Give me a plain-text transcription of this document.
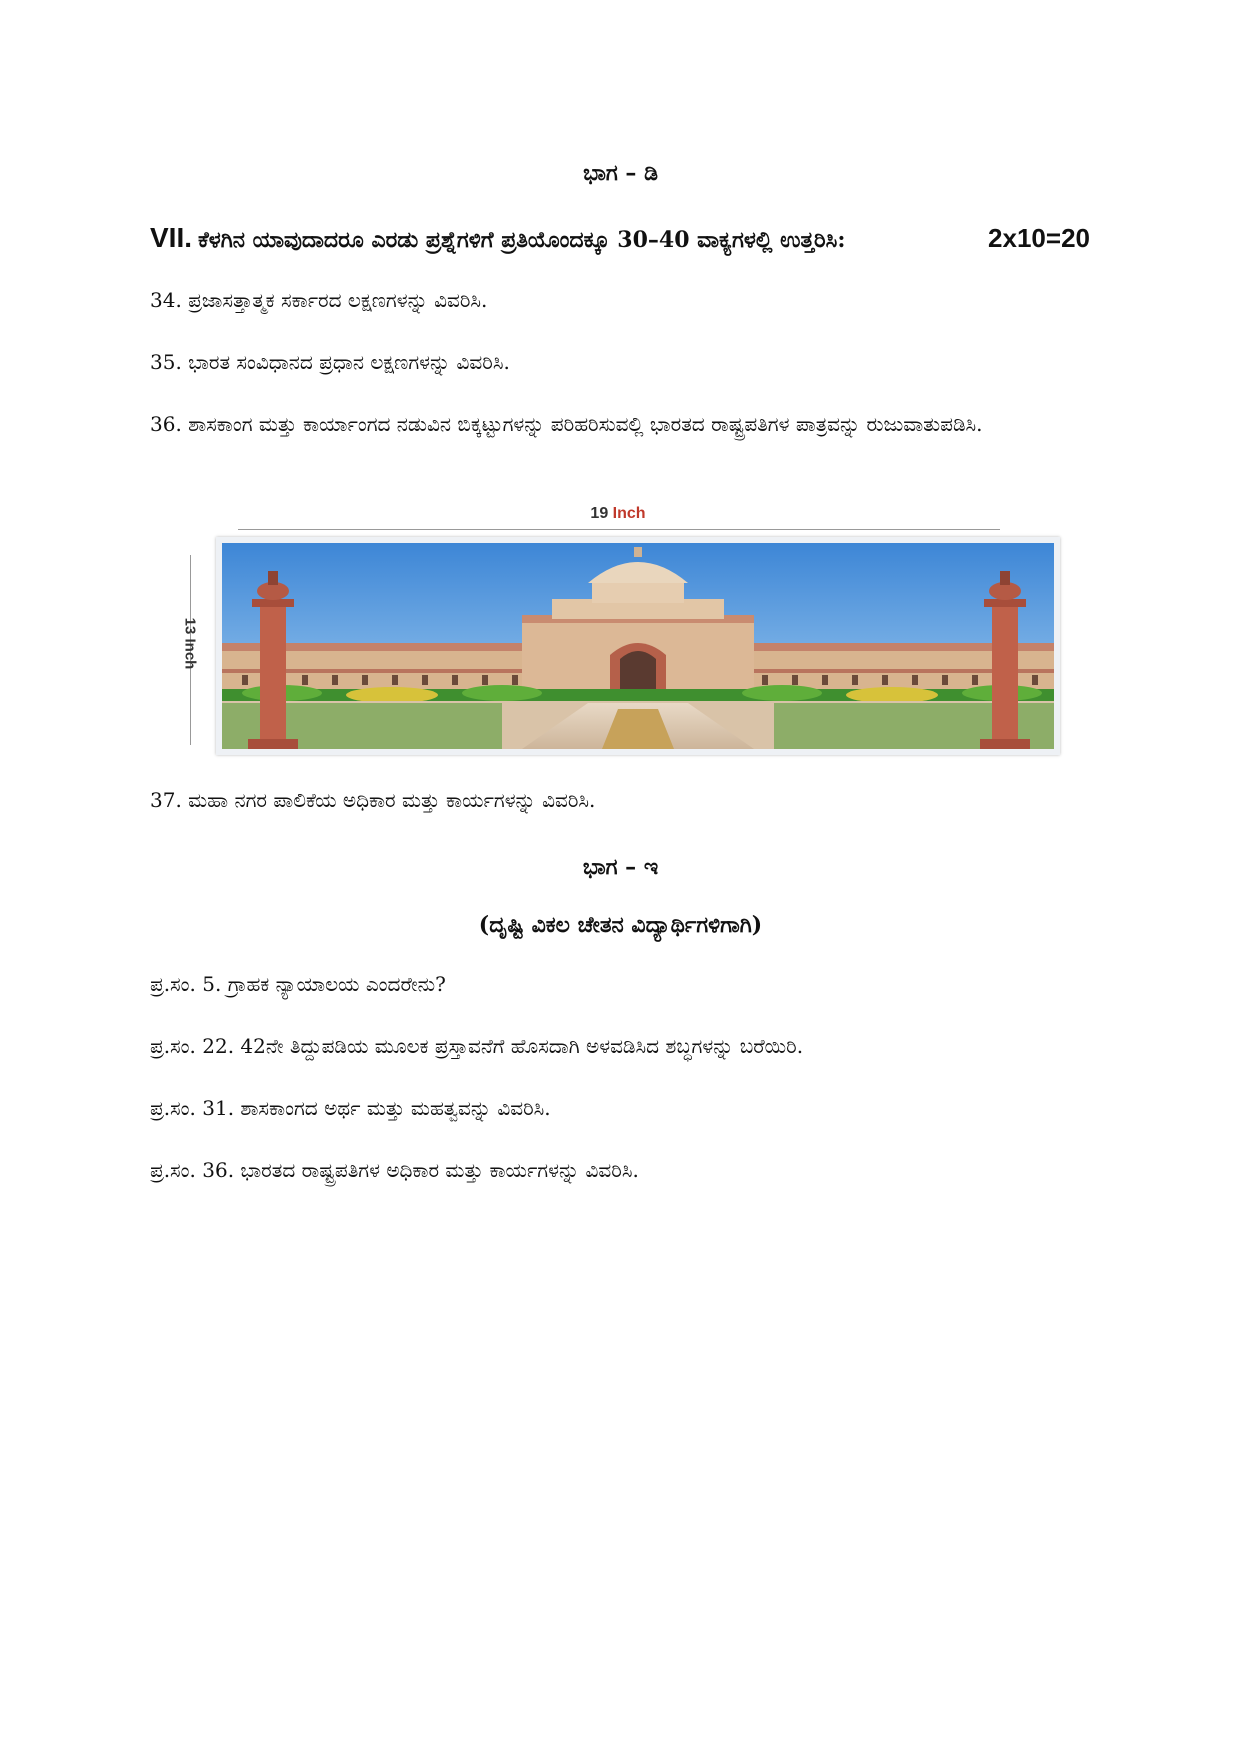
ಭಾಗ – ಡಿ
VII. ಕೆಳಗಿನ ಯಾವುದಾದರೂ ಎರಡು ಪ್ರಶ್ನೆಗಳಿಗೆ ಪ್ರತಿಯೊಂದಕ್ಕೂ 30–40 ವಾಕ್ಯಗಳಲ್ಲಿ ಉತ್ತರಿಸಿ:	2x10=20
34. ಪ್ರಜಾಸತ್ತಾತ್ಮಕ ಸರ್ಕಾರದ ಲಕ್ಷಣಗಳನ್ನು ವಿವರಿಸಿ.
35. ಭಾರತ ಸಂವಿಧಾನದ ಪ್ರಧಾನ ಲಕ್ಷಣಗಳನ್ನು ವಿವರಿಸಿ.
36. ಶಾಸಕಾಂಗ ಮತ್ತು ಕಾರ್ಯಾಂಗದ ನಡುವಿನ ಬಿಕ್ಕಟ್ಟುಗಳನ್ನು ಪರಿಹರಿಸುವಲ್ಲಿ ಭಾರತದ ರಾಷ್ಟ್ರಪತಿಗಳ ಪಾತ್ರವನ್ನು ರುಜುವಾತುಪಡಿಸಿ.
19 Inch
13 Inch
37. ಮಹಾ ನಗರ ಪಾಲಿಕೆಯ ಅಧಿಕಾರ ಮತ್ತು ಕಾರ್ಯಗಳನ್ನು ವಿವರಿಸಿ.
ಭಾಗ – ಇ
(ದೃಷ್ಟಿ ವಿಕಲ ಚೇತನ ವಿದ್ಯಾರ್ಥಿಗಳಿಗಾಗಿ)
ಪ್ರ.ಸಂ. 5. ಗ್ರಾಹಕ ನ್ಯಾಯಾಲಯ ಎಂದರೇನು?
ಪ್ರ.ಸಂ. 22. 42ನೇ ತಿದ್ದುಪಡಿಯ ಮೂಲಕ ಪ್ರಸ್ತಾವನೆಗೆ ಹೊಸದಾಗಿ ಅಳವಡಿಸಿದ ಶಬ್ಧಗಳನ್ನು ಬರೆಯಿರಿ.
ಪ್ರ.ಸಂ. 31. ಶಾಸಕಾಂಗದ ಅರ್ಥ ಮತ್ತು ಮಹತ್ವವನ್ನು ವಿವರಿಸಿ.
ಪ್ರ.ಸಂ. 36. ಭಾರತದ ರಾಷ್ಟ್ರಪತಿಗಳ ಅಧಿಕಾರ ಮತ್ತು ಕಾರ್ಯಗಳನ್ನು ವಿವರಿಸಿ.
